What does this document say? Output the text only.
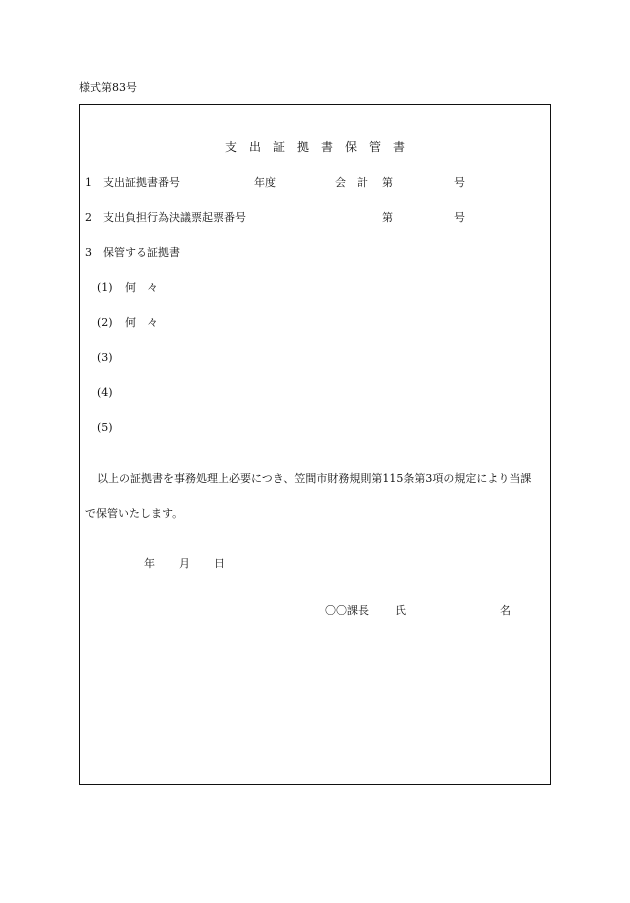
様式第83号
支出証拠書保管書
1　支出証拠書番号	年度	会　計 第	号
2　支出負担行為決議票起票番号	第	号
3　保管する証拠書
(1) 何　々
(2) 何　々
(3)
(4)
(5)
以上の証拠書を事務処理上必要につき、笠間市財務規則第115条第3項の規定により当課
で保管いたします。
年 月 日
〇〇課長 氏	名
